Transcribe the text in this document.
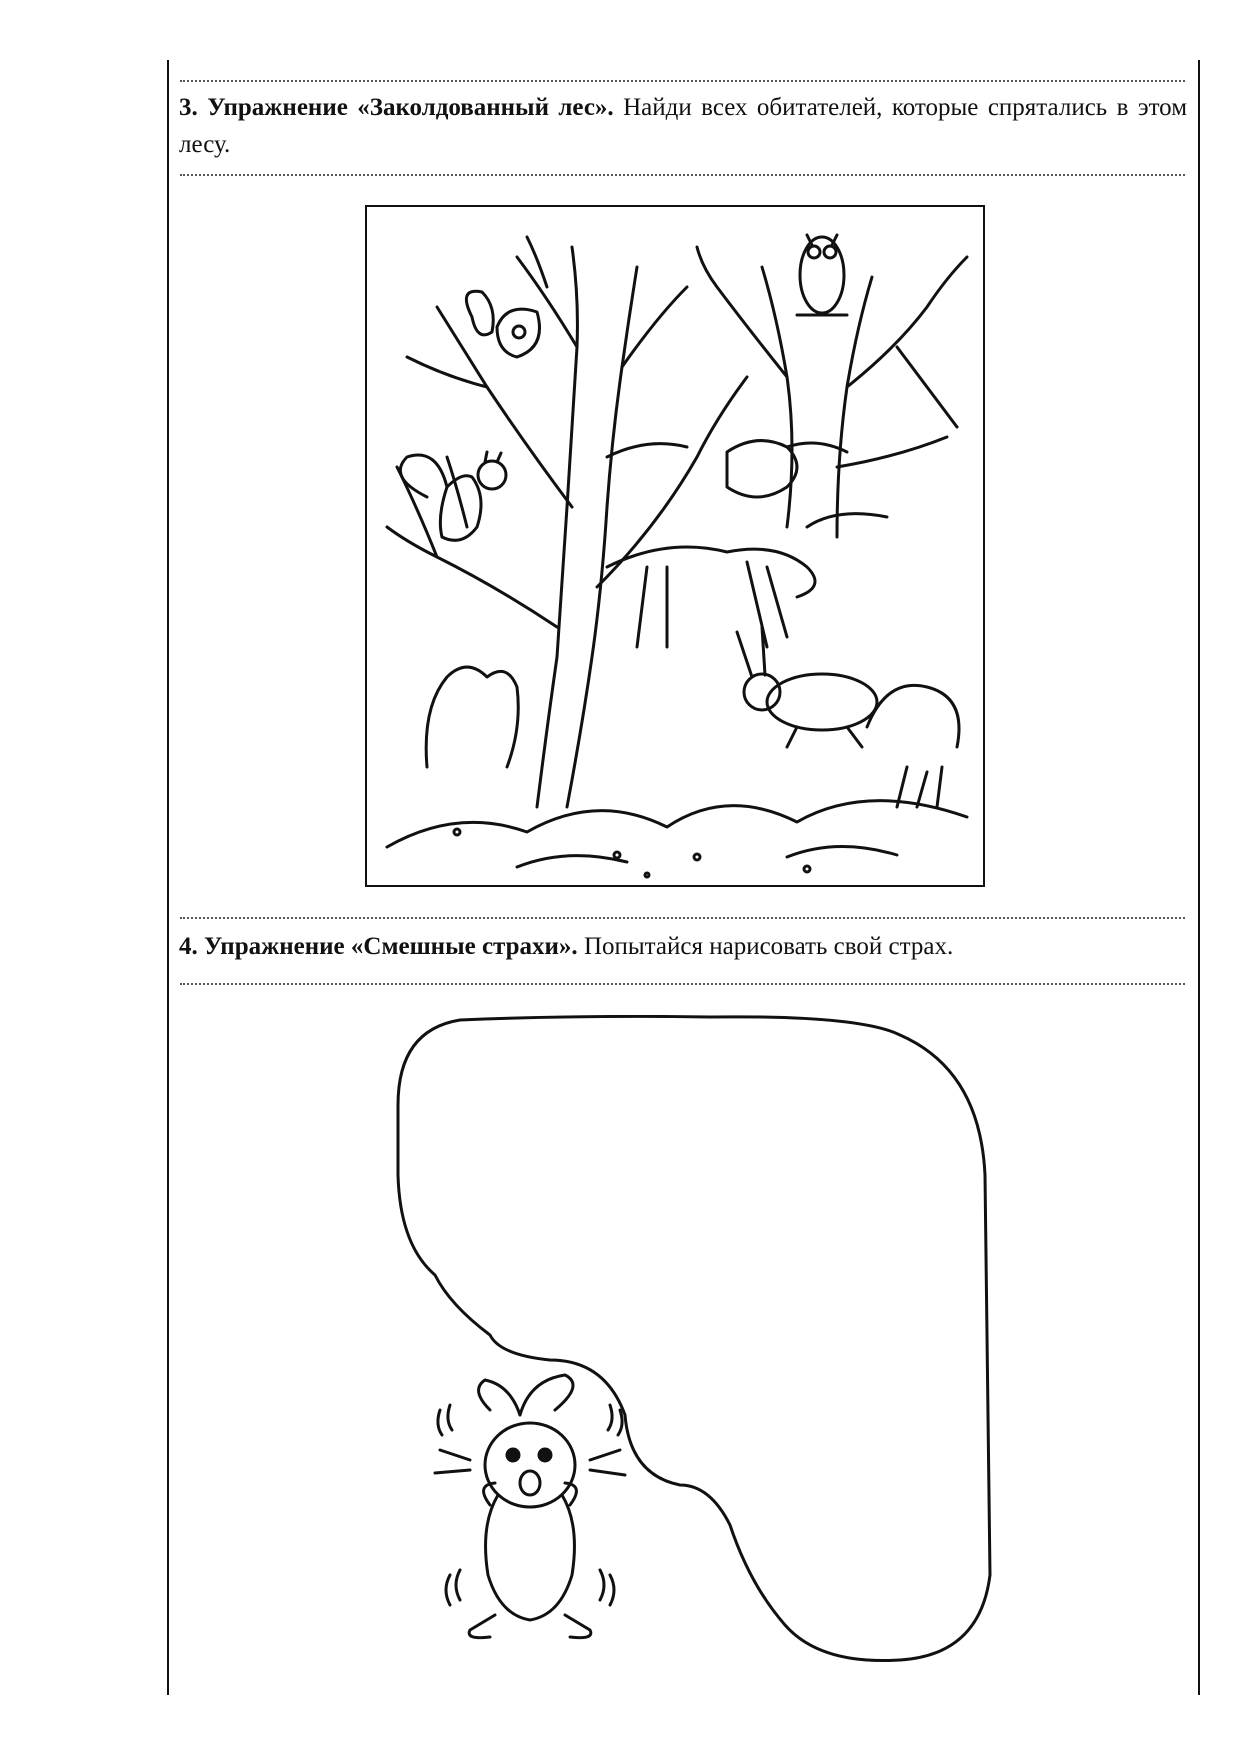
3. Упражнение «Заколдованный лес». Найди всех обитателей, которые спрятались в этом лесу.
4. Упражнение «Смешные страхи». Попытайся нарисовать свой страх.
